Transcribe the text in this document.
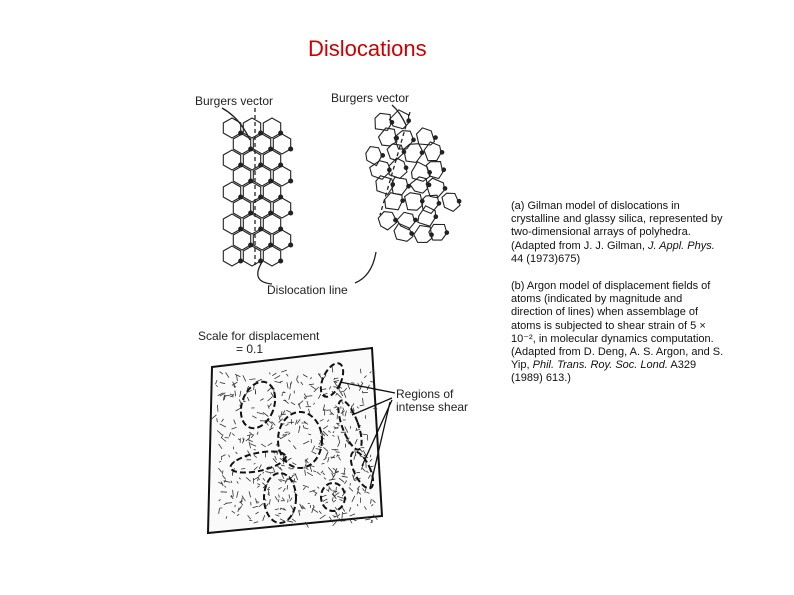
Dislocations
Burgers vector	Burgers vector
Dislocation line
Scale for displacement
= 0.1
Regions of
intense shear
(a) Gilman model of dislocations in crystalline and glassy silica, represented by two-dimensional arrays of polyhedra. (Adapted from J. J. Gilman, J. Appl. Phys. 44 (1973)675)
(b) Argon model of displacement fields of atoms (indicated by magnitude and direction of lines) when assemblage of atoms is subjected to shear strain of 5 × 10⁻², in molecular dynamics computation. (Adapted from D. Deng, A. S. Argon, and S. Yip, Phil. Trans. Roy. Soc. Lond. A329 (1989) 613.)
